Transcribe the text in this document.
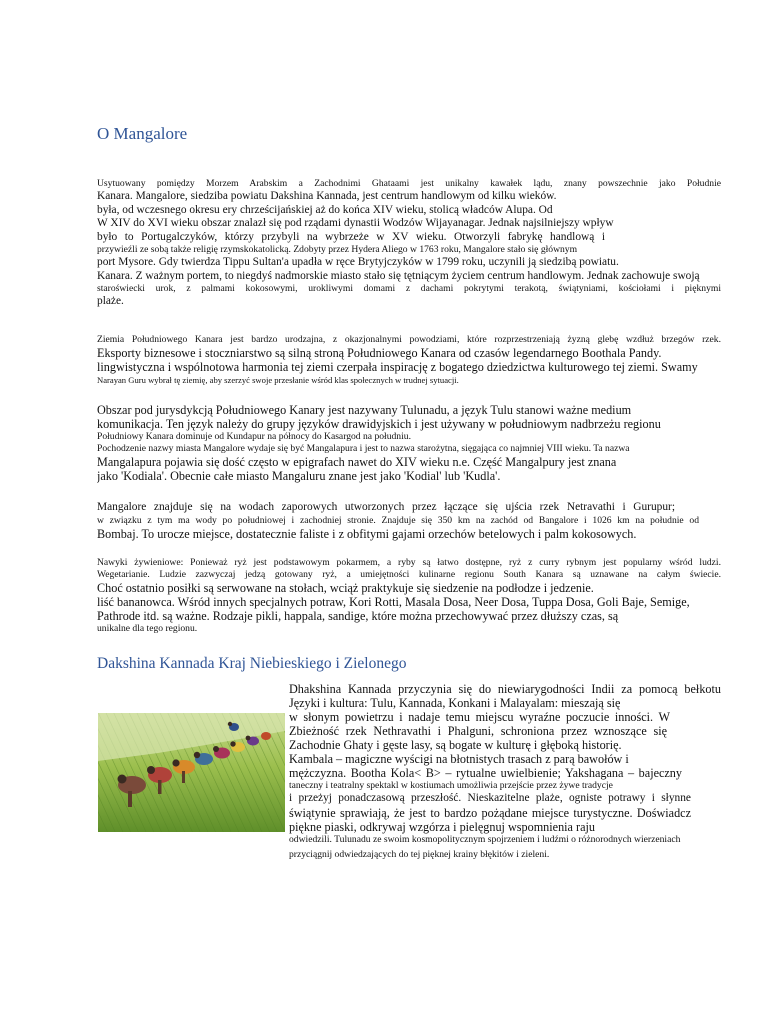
O Mangalore
Usytuowany pomiędzy Morzem Arabskim a Zachodnimi Ghataami jest unikalny kawałek lądu, znany powszechnie jako Południe
Kanara. Mangalore, siedziba powiatu Dakshina Kannada, jest centrum handlowym od kilku wieków.
była, od wczesnego okresu ery chrześcijańskiej aż do końca XIV wieku, stolicą władców Alupa. Od
W XIV do XVI wieku obszar znalazł się pod rządami dynastii Wodzów Wijayanagar. Jednak najsilniejszy wpływ
było to Portugalczyków, którzy przybyli na wybrzeże w XV wieku. Otworzyli fabrykę handlową i
przywieźli ze sobą także religię rzymskokatolicką. Zdobyty przez Hydera Aliego w 1763 roku, Mangalore stało się głównym
port Mysore. Gdy twierdza Tippu Sultan'a upadła w ręce Brytyjczyków w 1799 roku, uczynili ją siedzibą powiatu.
Kanara. Z ważnym portem, to niegdyś nadmorskie miasto stało się tętniącym życiem centrum handlowym. Jednak zachowuje swoją
staroświecki urok, z palmami kokosowymi, urokliwymi domami z dachami pokrytymi terakotą, świątyniami, kościołami i pięknymi
plaże.
Ziemia Południowego Kanara jest bardzo urodzajna, z okazjonalnymi powodziami, które rozprzestrzeniają żyzną glebę wzdłuż brzegów rzek.
Eksporty biznesowe i stoczniarstwo są silną stroną Południowego Kanara od czasów legendarnego Boothala Pandy.
lingwistyczna i wspólnotowa harmonia tej ziemi czerpała inspirację z bogatego dziedzictwa kulturowego tej ziemi. Swamy
Narayan Guru wybrał tę ziemię, aby szerzyć swoje przesłanie wśród klas społecznych w trudnej sytuacji.
Obszar pod jurysdykcją Południowego Kanary jest nazywany Tulunadu, a język Tulu stanowi ważne medium
komunikacja. Ten język należy do grupy języków drawidyjskich i jest używany w południowym nadbrzeżu regionu
Południowy Kanara dominuje od Kundapur na północy do Kasargod na południu.
Pochodzenie nazwy miasta Mangalore wydaje się być Mangalapura i jest to nazwa starożytna, sięgająca co najmniej VIII wieku. Ta nazwa
Mangalapura pojawia się dość często w epigrafach nawet do XIV wieku n.e. Część Mangalpury jest znana
jako 'Kodiala'. Obecnie całe miasto Mangaluru znane jest jako 'Kodial' lub 'Kudla'.
Mangalore znajduje się na wodach zaporowych utworzonych przez łączące się ujścia rzek Netravathi i Gurupur;
w związku z tym ma wody po południowej i zachodniej stronie. Znajduje się 350 km na zachód od Bangalore i 1026 km na południe od
Bombaj. To urocze miejsce, dostatecznie faliste i z obfitymi gajami orzechów betelowych i palm kokosowych.
Nawyki żywieniowe: Ponieważ ryż jest podstawowym pokarmem, a ryby są łatwo dostępne, ryż z curry rybnym jest popularny wśród ludzi.
Wegetarianie. Ludzie zazwyczaj jedzą gotowany ryż, a umiejętności kulinarne regionu South Kanara są uznawane na całym świecie.
Choć ostatnio posiłki są serwowane na stołach, wciąż praktykuje się siedzenie na podłodze i jedzenie.
liść bananowca. Wśród innych specjalnych potraw, Kori Rotti, Masala Dosa, Neer Dosa, Tuppa Dosa, Goli Baje, Semige,
Pathrode itd. są ważne. Rodzaje pikli, happala, sandige, które można przechowywać przez dłuższy czas, są
unikalne dla tego regionu.
Dakshina Kannada Kraj Niebieskiego i Zielonego
Dhakshina Kannada przyczynia się do niewiarygodności Indii za pomocą bełkotu
Języki i kultura: Tulu, Kannada, Konkani i Malayalam: mieszają się
w słonym powietrzu i nadaje temu miejscu wyraźne poczucie inności. W
Zbieżność rzek Nethravathi i Phalguni, schroniona przez wznoszące się
Zachodnie Ghaty i gęste lasy, są bogate w kulturę i głęboką historię.
Kambala – magiczne wyścigi na błotnistych trasach z parą bawołów i
mężczyzna. Bootha Kola< B> – rytualne uwielbienie; Yakshagana – bajeczny
taneczny i teatralny spektakl w kostiumach umożliwia przejście przez żywe tradycje
i przeżyj ponadczasową przeszłość. Nieskazitelne plaże, ogniste potrawy i słynne
świątynie sprawiają, że jest to bardzo pożądane miejsce turystyczne. Doświadcz
piękne piaski, odkrywaj wzgórza i pielęgnuj wspomnienia raju
odwiedzili. Tulunadu ze swoim kosmopolitycznym spojrzeniem i ludźmi o różnorodnych wierzeniach
przyciągnij odwiedzających do tej pięknej krainy błękitów i zieleni.
